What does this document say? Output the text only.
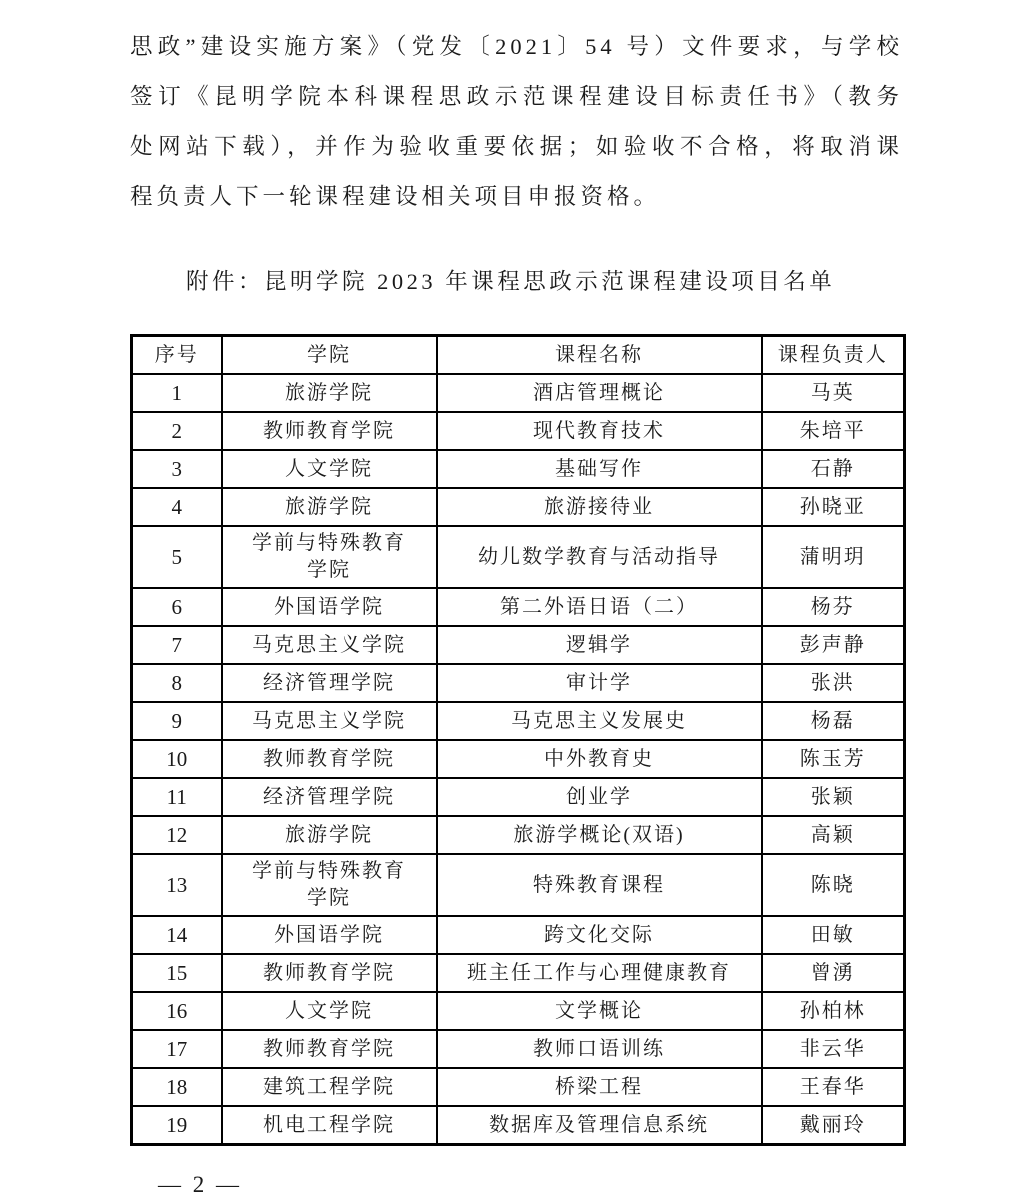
思政”建设实施方案》（党发〔2021〕54 号）文件要求，与学校
签订《昆明学院本科课程思政示范课程建设目标责任书》（教务
处网站下载），并作为验收重要依据；如验收不合格，将取消课
程负责人下一轮课程建设相关项目申报资格。
附件：昆明学院 2023 年课程思政示范课程建设项目名单
序号	学院	课程名称	课程负责人
1	旅游学院	酒店管理概论	马英
2	教师教育学院	现代教育技术	朱培平
3	人文学院	基础写作	石静
4	旅游学院	旅游接待业	孙晓亚
5	学前与特殊教育 学院	幼儿数学教育与活动指导	蒲明玥
6	外国语学院	第二外语日语（二）	杨芬
7	马克思主义学院	逻辑学	彭声静
8	经济管理学院	审计学	张洪
9	马克思主义学院	马克思主义发展史	杨磊
10	教师教育学院	中外教育史	陈玉芳
11	经济管理学院	创业学	张颖
12	旅游学院	旅游学概论(双语)	高颖
13	学前与特殊教育 学院	特殊教育课程	陈晓
14	外国语学院	跨文化交际	田敏
15	教师教育学院	班主任工作与心理健康教育	曾湧
16	人文学院	文学概论	孙柏林
17	教师教育学院	教师口语训练	非云华
18	建筑工程学院	桥梁工程	王春华
19	机电工程学院	数据库及管理信息系统	戴丽玲
— 2 —
